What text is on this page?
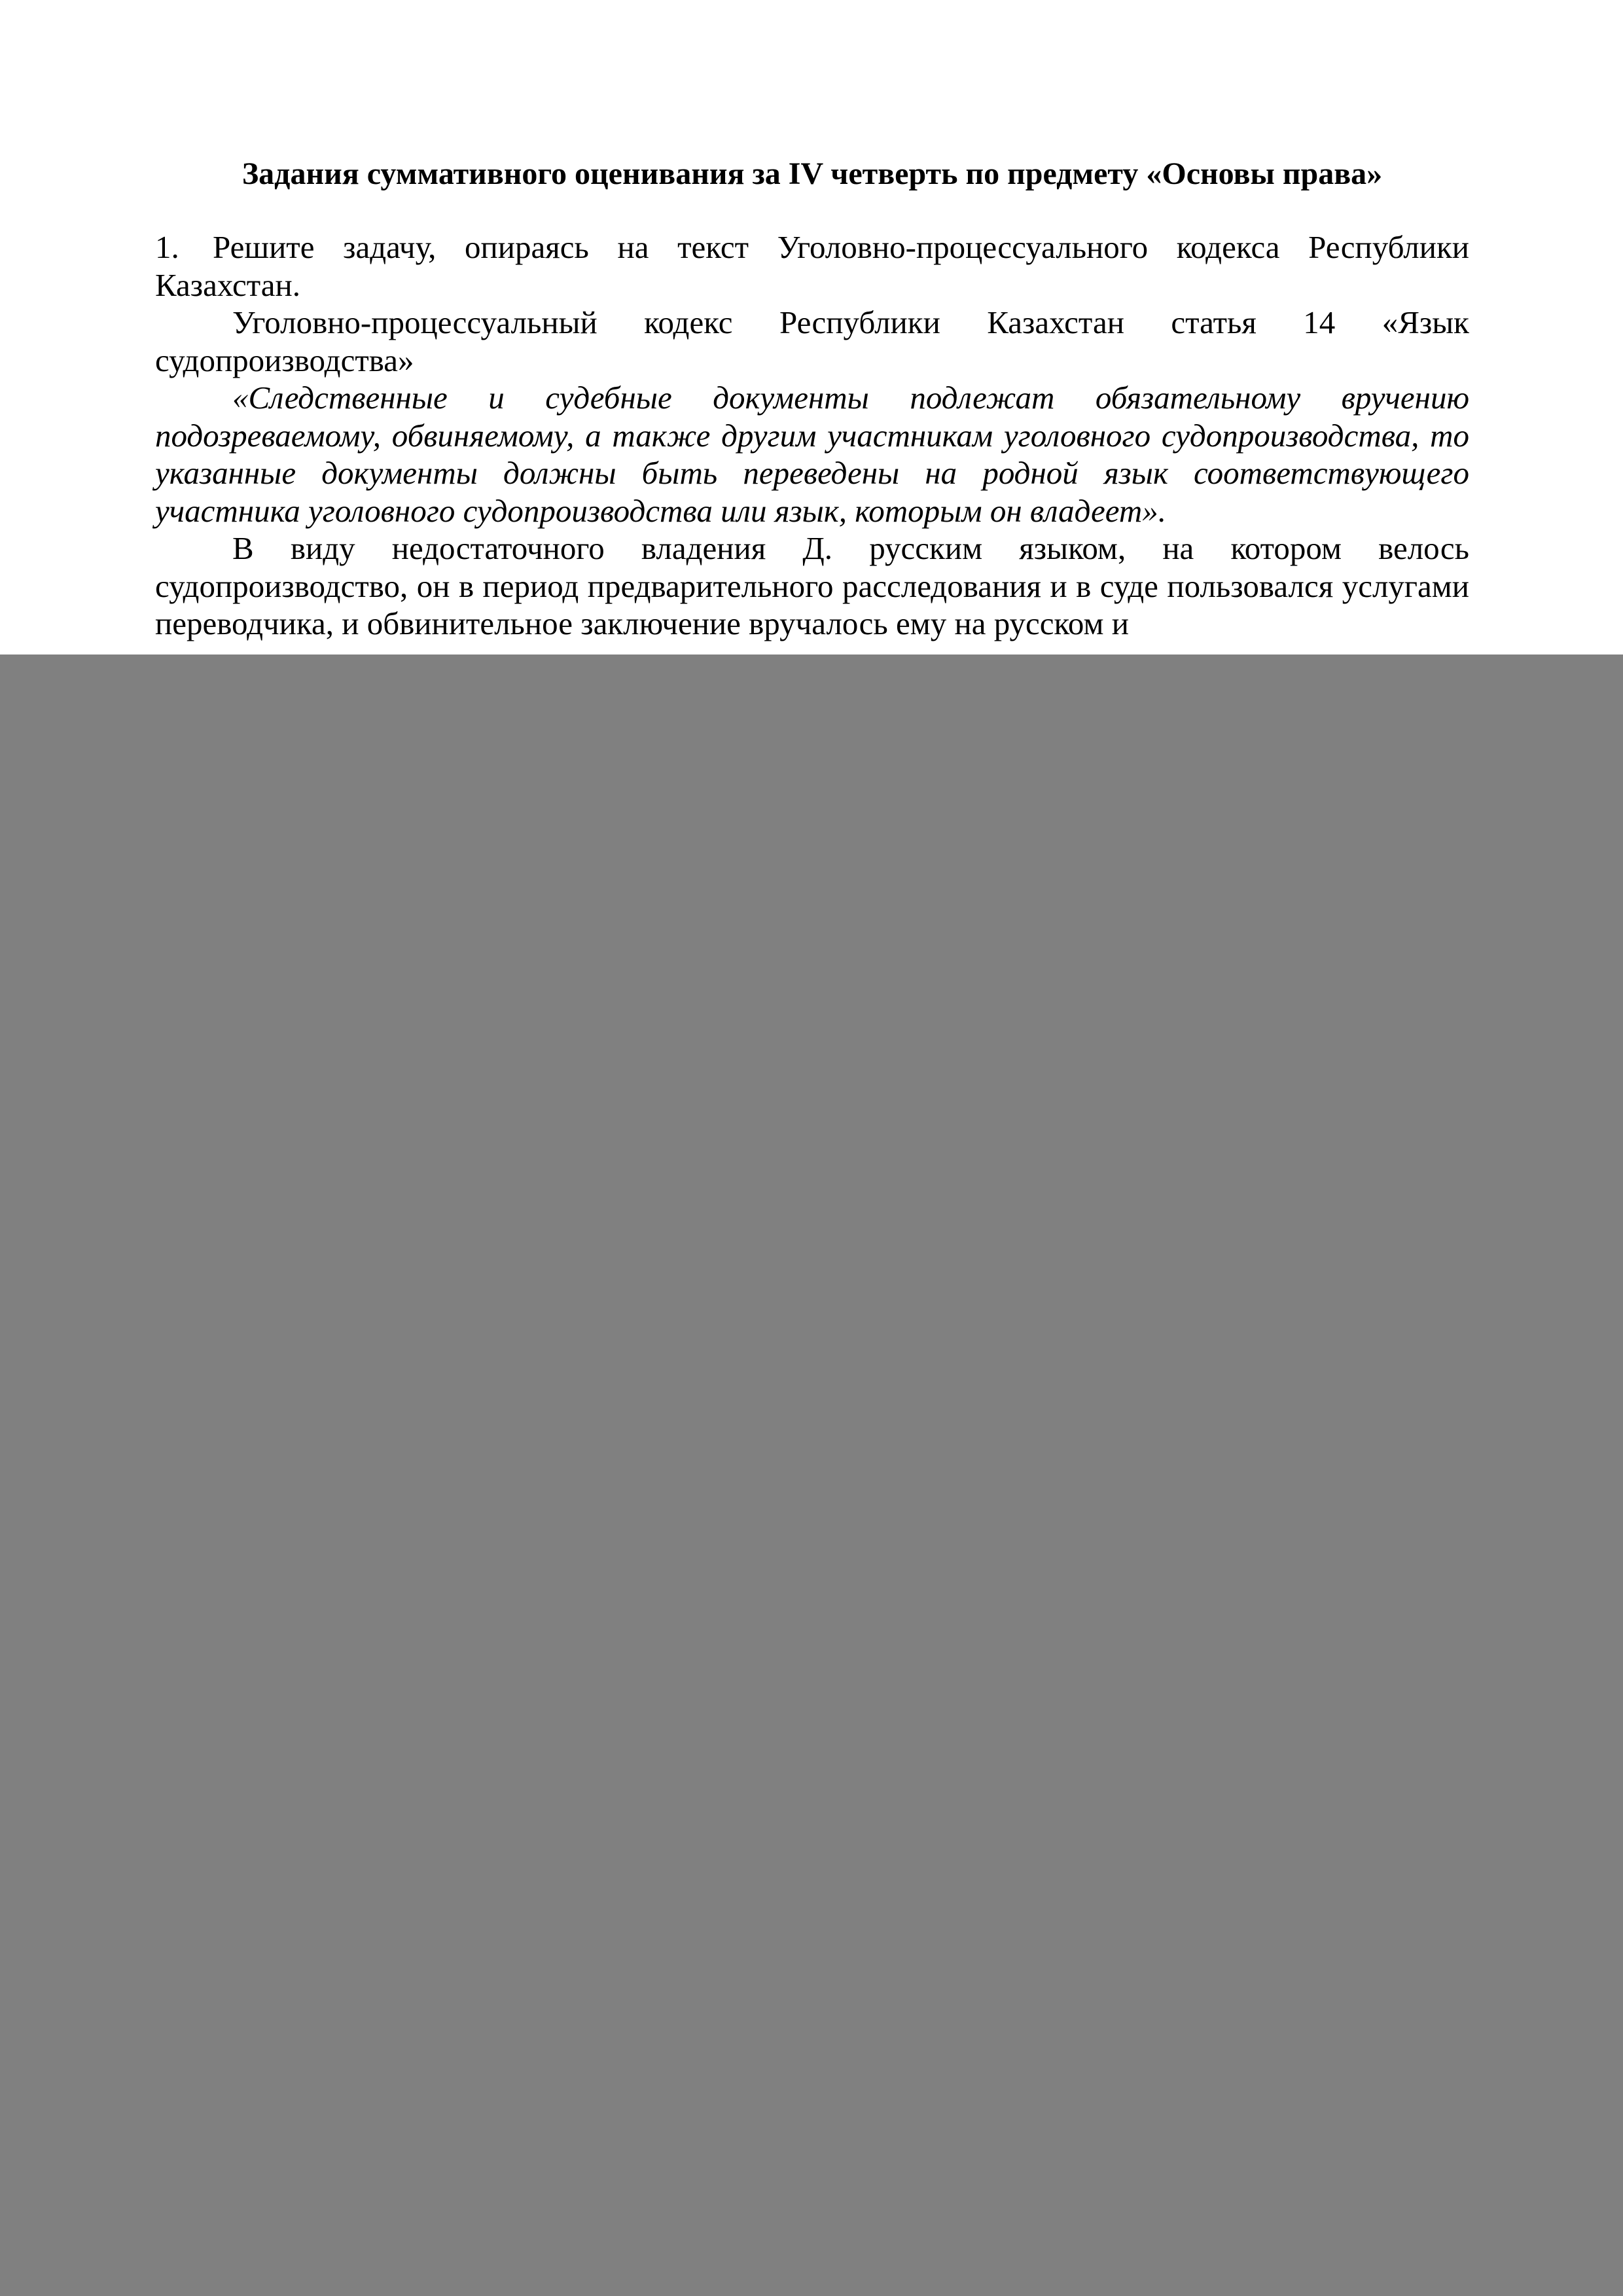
Задания суммативного оценивания за IV четверть по предмету «Основы права»
1. Решите задачу, опираясь на текст Уголовно-процессуального кодекса Республики Казахстан.
Уголовно-процессуальный кодекс Республики Казахстан статья 14 «Язык судопроизводства»
«Следственные и судебные документы подлежат обязательному вручению подозреваемому, обвиняемому, а также другим участникам уголовного судопроизводства, то указанные документы должны быть переведены на родной язык соответствующего участника уголовного судопроизводства или язык, которым он владеет».
В виду недостаточного владения Д. русским языком, на котором велось судопроизводство, он в период предварительного расследования и в суде пользовался услугами переводчика, и обвинительное заключение вручалось ему на русском и
